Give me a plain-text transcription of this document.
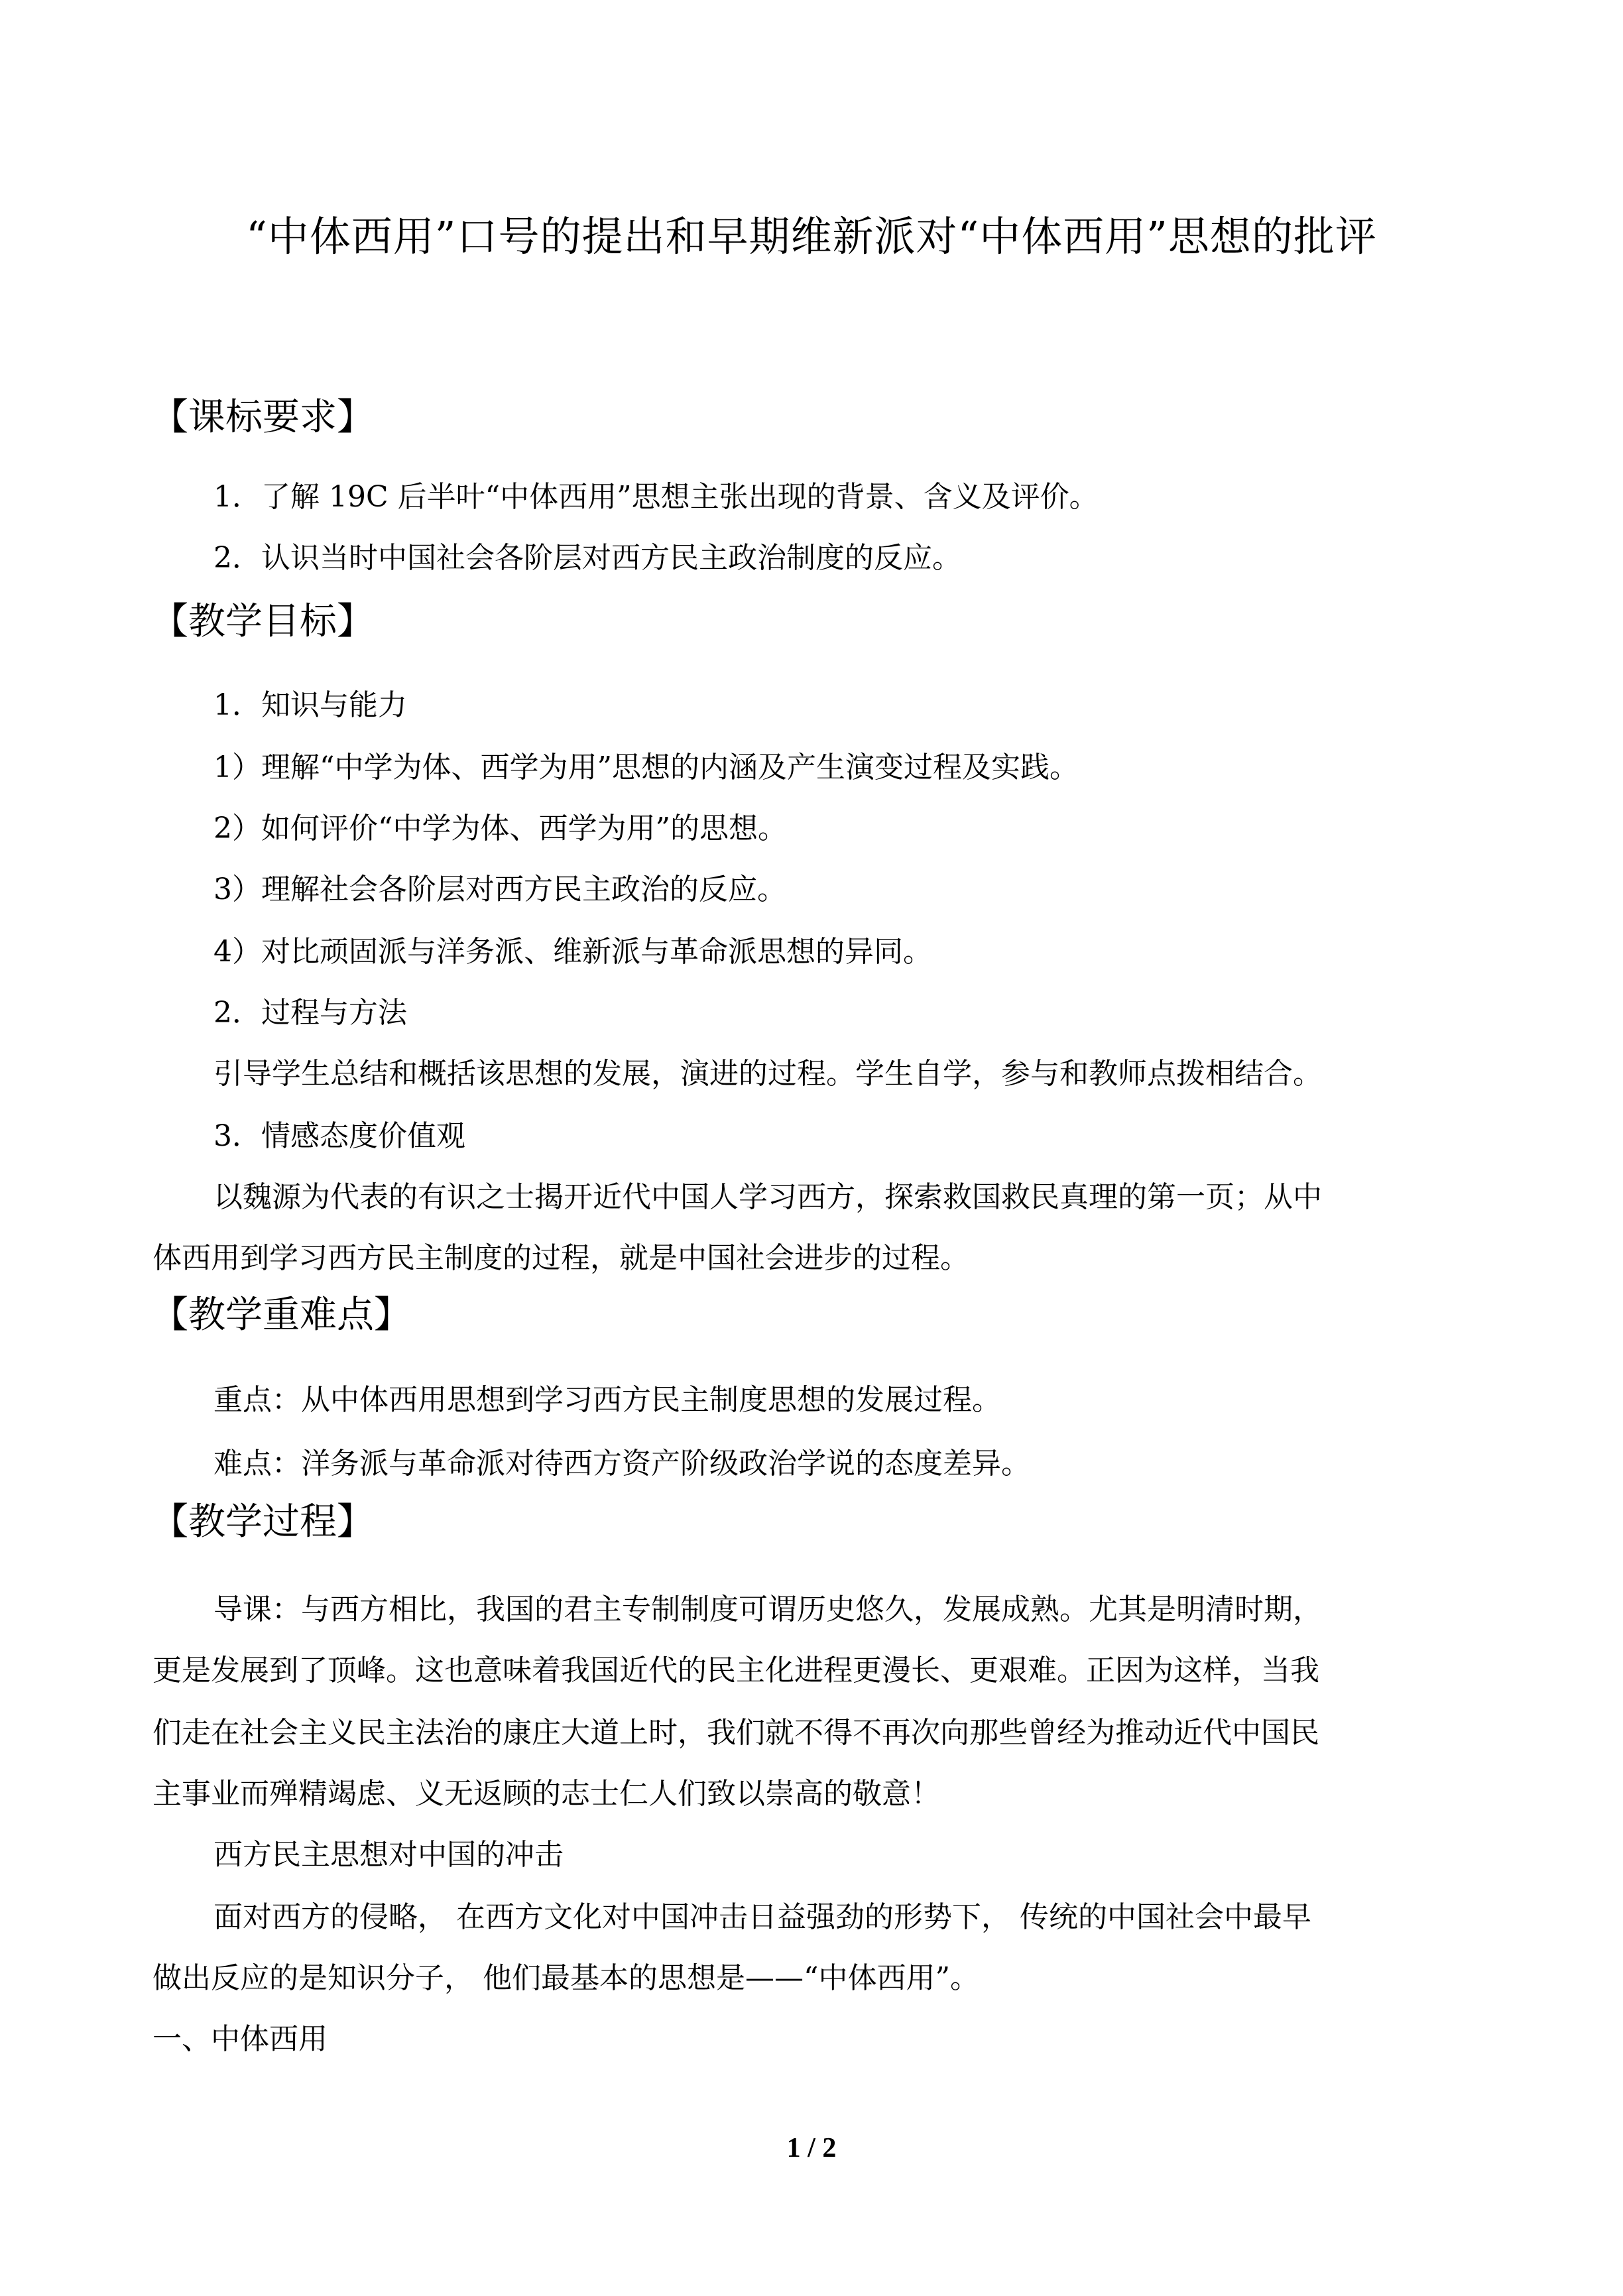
“中体西用”口号的提出和早期维新派对“中体西用”思想的批评
【课标要求】
1．了解 19C 后半叶“中体西用”思想主张出现的背景、含义及评价。
2．认识当时中国社会各阶层对西方民主政治制度的反应。
【教学目标】
1．知识与能力
1）理解“中学为体、西学为用”思想的内涵及产生演变过程及实践。
2）如何评价“中学为体、西学为用”的思想。
3）理解社会各阶层对西方民主政治的反应。
4）对比顽固派与洋务派、维新派与革命派思想的异同。
2．过程与方法
引导学生总结和概括该思想的发展，演进的过程。学生自学，参与和教师点拨相结合。
3．情感态度价值观
以魏源为代表的有识之士揭开近代中国人学习西方，探索救国救民真理的第一页；从中
体西用到学习西方民主制度的过程，就是中国社会进步的过程。
【教学重难点】
重点：从中体西用思想到学习西方民主制度思想的发展过程。
难点：洋务派与革命派对待西方资产阶级政治学说的态度差异。
【教学过程】
导课：与西方相比，我国的君主专制制度可谓历史悠久，发展成熟。尤其是明清时期，
更是发展到了顶峰。这也意味着我国近代的民主化进程更漫长、更艰难。正因为这样，当我
们走在社会主义民主法治的康庄大道上时，我们就不得不再次向那些曾经为推动近代中国民
主事业而殚精竭虑、义无返顾的志士仁人们致以崇高的敬意！
西方民主思想对中国的冲击
面对西方的侵略， 在西方文化对中国冲击日益强劲的形势下， 传统的中国社会中最早
做出反应的是知识分子， 他们最基本的思想是——“中体西用”。
一、中体西用
1 / 2
